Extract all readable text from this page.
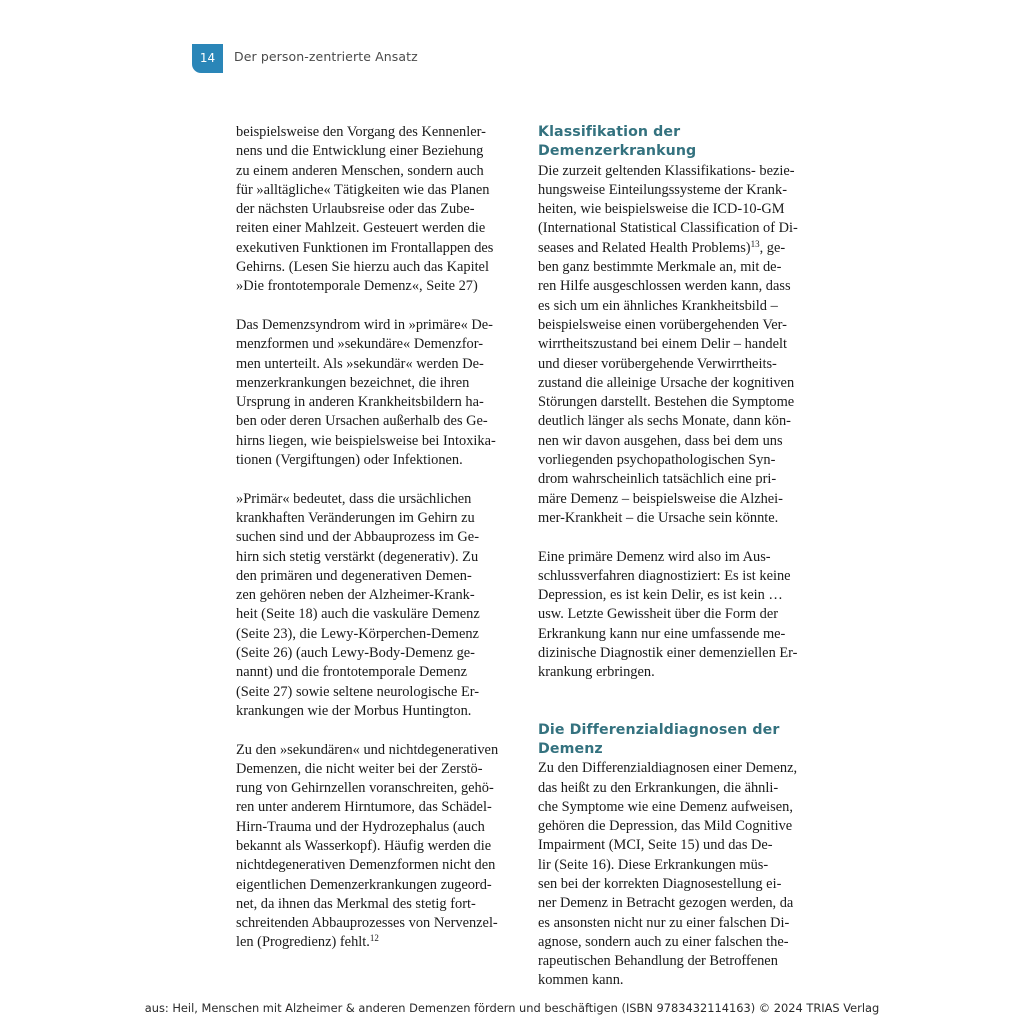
14	Der person-zentrierte Ansatz

beispielsweise den Vorgang des Kennenler-
nens und die Entwicklung einer Beziehung
zu einem anderen Menschen, sondern auch
für »alltägliche« Tätigkeiten wie das Planen
der nächsten Urlaubsreise oder das Zube-
reiten einer Mahlzeit. Gesteuert werden die
exekutiven Funktionen im Frontallappen des
Gehirns. (Lesen Sie hierzu auch das Kapitel
»Die frontotemporale Demenz«, Seite 27)

Das Demenzsyndrom wird in »primäre« De-
menzformen und »sekundäre« Demenzfor-
men unterteilt. Als »sekundär« werden De-
menzerkrankungen bezeichnet, die ihren
Ursprung in anderen Krankheitsbildern ha-
ben oder deren Ursachen außerhalb des Ge-
hirns liegen, wie beispielsweise bei Intoxika-
tionen (Vergiftungen) oder Infektionen.

»Primär« bedeutet, dass die ursächlichen
krankhaften Veränderungen im Gehirn zu
suchen sind und der Abbauprozess im Ge-
hirn sich stetig verstärkt (degenerativ). Zu
den primären und degenerativen Demen-
zen gehören neben der Alzheimer-Krank-
heit (Seite 18) auch die vaskuläre Demenz
(Seite 23), die Lewy-Körperchen-Demenz
(Seite 26) (auch Lewy-Body-Demenz ge-
nannt) und die frontotemporale Demenz
(Seite 27) sowie seltene neurologische Er-
krankungen wie der Morbus Huntington.

Zu den »sekundären« und nichtdegenerativen
Demenzen, die nicht weiter bei der Zerstö-
rung von Gehirnzellen voranschreiten, gehö-
ren unter anderem Hirntumore, das Schädel-
Hirn-Trauma und der Hydrozephalus (auch
bekannt als Wasserkopf). Häufig werden die
nichtdegenerativen Demenzformen nicht den
eigentlichen Demenzerkrankungen zugeord-
net, da ihnen das Merkmal des stetig fort-
schreitenden Abbauprozesses von Nervenzel-
len (Progredienz) fehlt.$^{12}$

Klassifikation der Demenzerkrankung

Die zurzeit geltenden Klassifikations- bezie-
hungsweise Einteilungssysteme der Krank-
heiten, wie beispielsweise die ICD-10-GM
(International Statistical Classification of Di-
seases and Related Health Problems)$^{13}$, ge-
ben ganz bestimmte Merkmale an, mit de-
ren Hilfe ausgeschlossen werden kann, dass
es sich um ein ähnliches Krankheitsbild –
beispielsweise einen vorübergehenden Ver-
wirrtheitszustand bei einem Delir – handelt
und dieser vorübergehende Verwirrtheits-
zustand die alleinige Ursache der kognitiven
Störungen darstellt. Bestehen die Symptome
deutlich länger als sechs Monate, dann kön-
nen wir davon ausgehen, dass bei dem uns
vorliegenden psychopathologischen Syn-
drom wahrscheinlich tatsächlich eine pri-
märe Demenz – beispielsweise die Alzhei-
mer-Krankheit – die Ursache sein könnte.

Eine primäre Demenz wird also im Aus-
schlussverfahren diagnostiziert: Es ist keine
Depression, es ist kein Delir, es ist kein …
usw. Letzte Gewissheit über die Form der
Erkrankung kann nur eine umfassende me-
dizinische Diagnostik einer demenziellen Er-
krankung erbringen.

Die Differenzialdiagnosen der Demenz

Zu den Differenzialdiagnosen einer Demenz,
das heißt zu den Erkrankungen, die ähnli-
che Symptome wie eine Demenz aufweisen,
gehören die Depression, das Mild Cognitive
Impairment (MCI, Seite 15) und das De-
lir (Seite 16). Diese Erkrankungen müs-
sen bei der korrekten Diagnosestellung ei-
ner Demenz in Betracht gezogen werden, da
es ansonsten nicht nur zu einer falschen Di-
agnose, sondern auch zu einer falschen the-
rapeutischen Behandlung der Betroffenen
kommen kann.

aus: Heil, Menschen mit Alzheimer & anderen Demenzen fördern und beschäftigen (ISBN 9783432114163) © 2024 TRIAS Verlag
